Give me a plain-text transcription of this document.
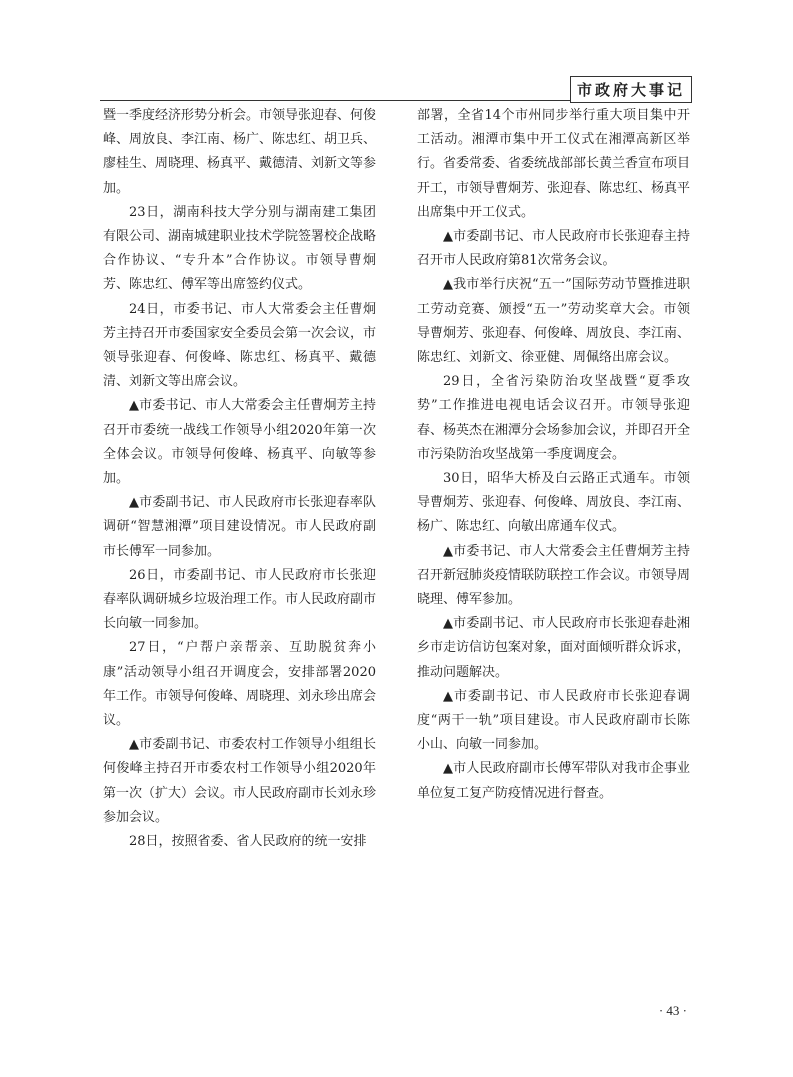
市政府大事记

暨一季度经济形势分析会。市领导张迎春、何俊峰、周放良、李江南、杨广、陈忠红、胡卫兵、廖桂生、周晓理、杨真平、戴德清、刘新文等参加。

23日，湖南科技大学分别与湖南建工集团有限公司、湖南城建职业技术学院签署校企战略合作协议、“专升本”合作协议。市领导曹炯芳、陈忠红、傅军等出席签约仪式。

24日，市委书记、市人大常委会主任曹炯芳主持召开市委国家安全委员会第一次会议，市领导张迎春、何俊峰、陈忠红、杨真平、戴德清、刘新文等出席会议。

▲市委书记、市人大常委会主任曹炯芳主持召开市委统一战线工作领导小组2020年第一次全体会议。市领导何俊峰、杨真平、向敏等参加。

▲市委副书记、市人民政府市长张迎春率队调研“智慧湘潭”项目建设情况。市人民政府副市长傅军一同参加。

26日，市委副书记、市人民政府市长张迎春率队调研城乡垃圾治理工作。市人民政府副市长向敏一同参加。

27日，“户帮户亲帮亲、互助脱贫奔小康”活动领导小组召开调度会，安排部署2020年工作。市领导何俊峰、周晓理、刘永珍出席会议。

▲市委副书记、市委农村工作领导小组组长何俊峰主持召开市委农村工作领导小组2020年第一次（扩大）会议。市人民政府副市长刘永珍参加会议。

28日，按照省委、省人民政府的统一安排

部署，全省14个市州同步举行重大项目集中开工活动。湘潭市集中开工仪式在湘潭高新区举行。省委常委、省委统战部部长黄兰香宣布项目开工，市领导曹炯芳、张迎春、陈忠红、杨真平出席集中开工仪式。

▲市委副书记、市人民政府市长张迎春主持召开市人民政府第81次常务会议。

▲我市举行庆祝“五一”国际劳动节暨推进职工劳动竞赛、颁授“五一”劳动奖章大会。市领导曹炯芳、张迎春、何俊峰、周放良、李江南、陈忠红、刘新文、徐亚健、周佩络出席会议。

29日，全省污染防治攻坚战暨“夏季攻势”工作推进电视电话会议召开。市领导张迎春、杨英杰在湘潭分会场参加会议，并即召开全市污染防治攻坚战第一季度调度会。

30日，昭华大桥及白云路正式通车。市领导曹炯芳、张迎春、何俊峰、周放良、李江南、杨广、陈忠红、向敏出席通车仪式。

▲市委书记、市人大常委会主任曹炯芳主持召开新冠肺炎疫情联防联控工作会议。市领导周晓理、傅军参加。

▲市委副书记、市人民政府市长张迎春赴湘乡市走访信访包案对象，面对面倾听群众诉求，推动问题解决。

▲市委副书记、市人民政府市长张迎春调度“两干一轨”项目建设。市人民政府副市长陈小山、向敏一同参加。

▲市人民政府副市长傅军带队对我市企事业单位复工复产防疫情况进行督查。

· 43 ·
